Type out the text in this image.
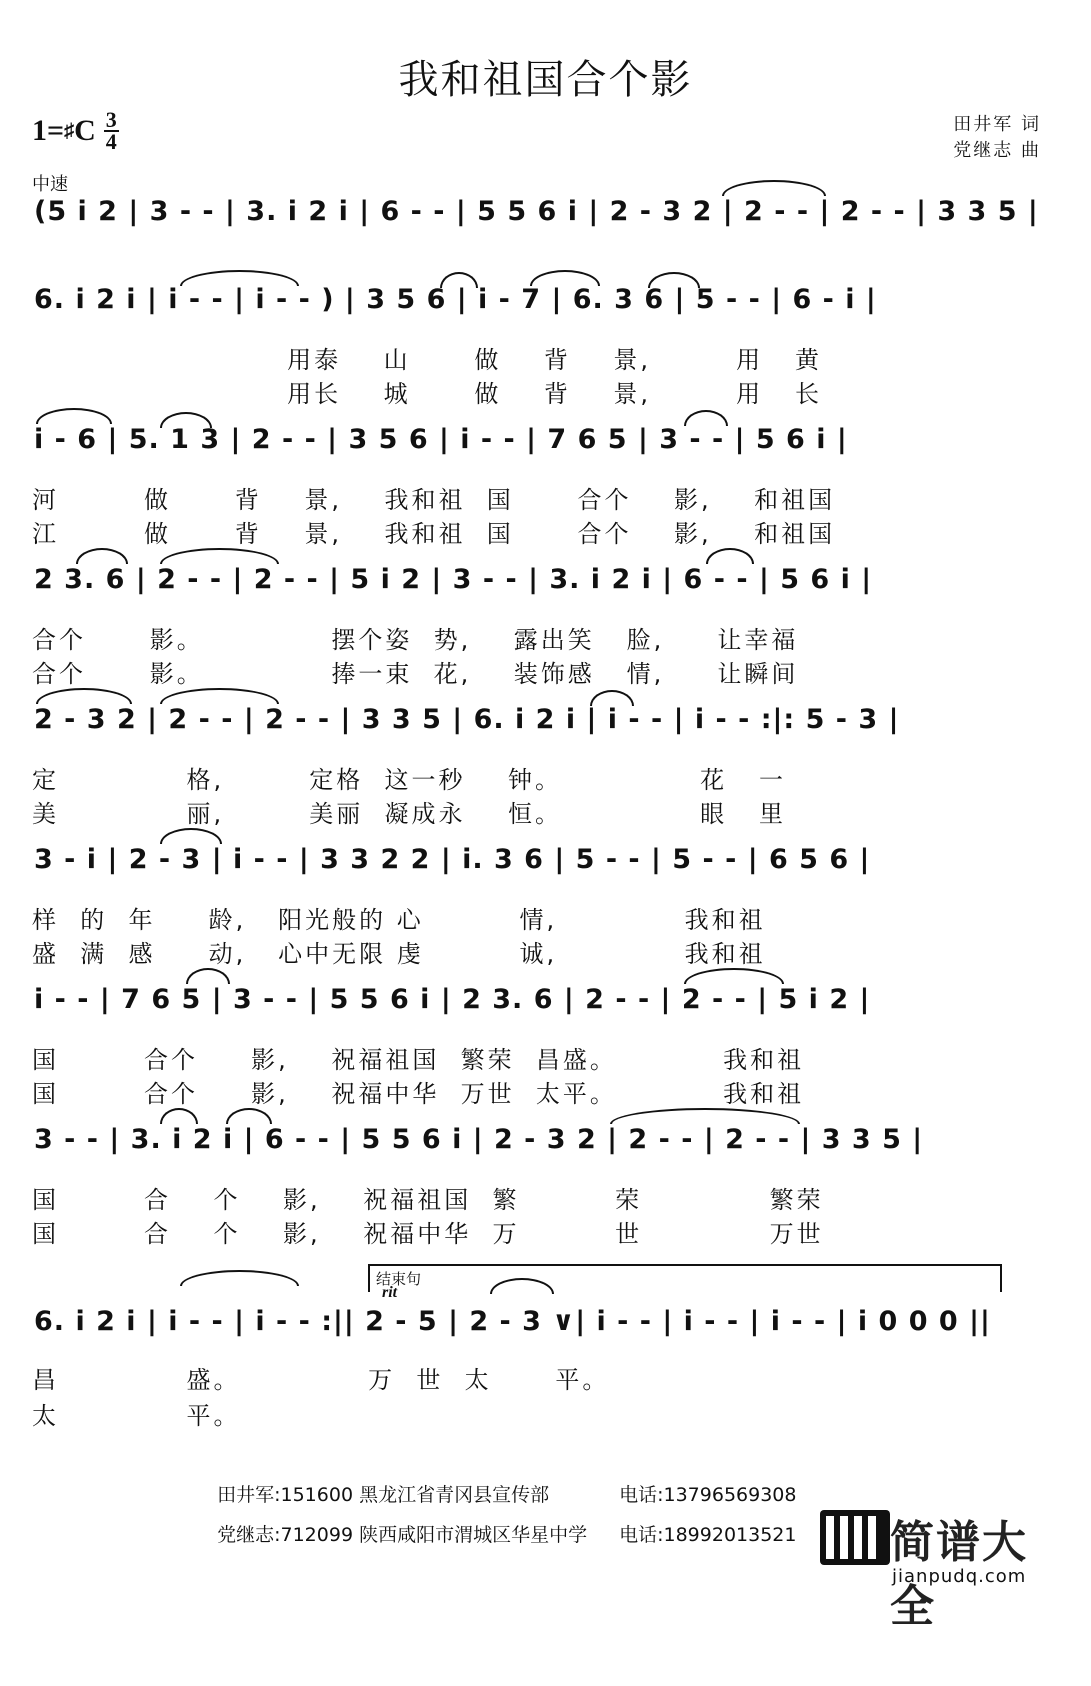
我和祖国合个影
1= ♯ C $\frac{3}{4}$
中速
田井军 词
党继志 曲
(5 i 2 | 3 - - | 3. i 2 i | 6 - - | 5 5 6 i | 2 - 3 2 | 2 - - | 2 - - | 3 3 5 |
6. i 2 i | i - - | i - - ) | 3 5 6 | i - 7 | 6. 3 6 | 5 - - | 6 - i |
i - 6 | 5. 1 3 | 2 - - | 3 5 6 | i - - | 7 6 5 | 3 - - | 5 6 i |
2 3. 6 | 2 - - | 2 - - | 5 i 2 | 3 - - | 3. i 2 i | 6 - - | 5 6 i |
2 - 3 2 | 2 - - | 2 - - | 3 3 5 | 6. i 2 i | i - - | i - - :|: 5 - 3 |
3 - i | 2 - 3 | i - - | 3 3 2 2 | i. 3 6 | 5 - - | 5 - - | 6 5 6 |
i - - | 7 6 5 | 3 - - | 5 5 6 i | 2 3. 6 | 2 - - | 2 - - | 5 i 2 |
3 - - | 3. i 2 i | 6 - - | 5 5 6 i | 2 - 3 2 | 2 - - | 2 - - | 3 3 5 |
6. i 2 i | i - - | i - - :|| 2 - 5 | 2 - 3 ∨| i - - | i - - | i - - | i 0 0 0 ||
用泰    山      做    背    景,        用   黄
用长    城      做    背    景,        用   长
河        做      背    景,    我和祖  国      合个    影,    和祖国
江        做      背    景,    我和祖  国      合个    影,    和祖国
合个      影。            摆个姿  势,    露出笑   脸,     让幸福
合个      影。            捧一束  花,    装饰感   情,     让瞬间
定            格,        定格  这一秒    钟。             花   一
美            丽,        美丽  凝成永    恒。             眼   里
样  的  年     龄,   阳光般的 心         情,            我和祖
盛  满  感     动,   心中无限 虔         诚,            我和祖
国        合个     影,    祝福祖国  繁荣  昌盛。          我和祖
国        合个     影,    祝福中华  万世  太平。          我和祖
国        合    个    影,    祝福祖国  繁         荣            繁荣
国        合    个    影,    祝福中华  万         世            万世
昌            盛。            万  世  太      平。
太            平。
结束句
rit

田井军:151600 黑龙江省青冈县宣传部	电话:13796569308

党继志:712099 陕西咸阳市渭城区华星中学 电话:18992013521 简谱大全
jianpudq.com
